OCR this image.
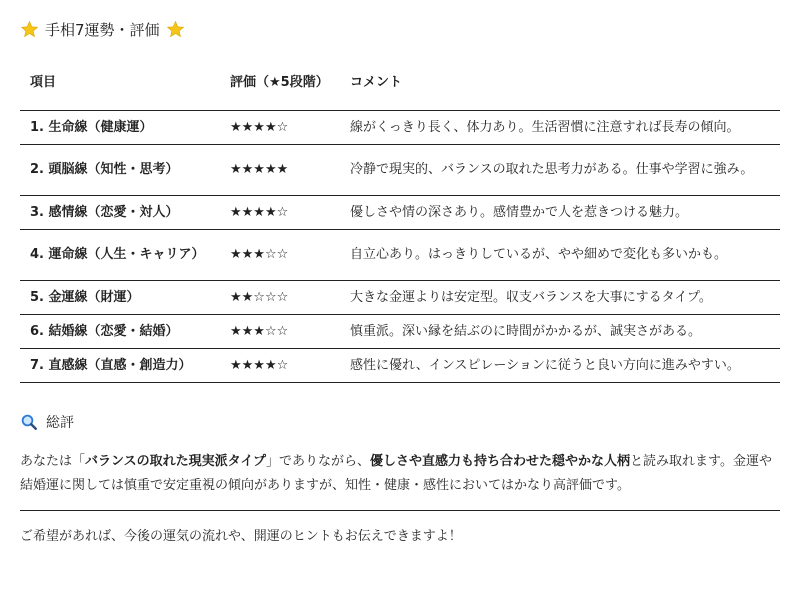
手相7運勢・評価
項目	評価（★5段階）	コメント
1. 生命線（健康運）	★★★★☆	線がくっきり長く、体力あり。生活習慣に注意すれば長寿の傾向。
2. 頭脳線（知性・思考）	★★★★★	冷静で現実的、バランスの取れた思考力がある。仕事や学習に強み。
3. 感情線（恋愛・対人）	★★★★☆	優しさや情の深さあり。感情豊かで人を惹きつける魅力。
4. 運命線（人生・キャリア）	★★★☆☆	自立心あり。はっきりしているが、やや細めで変化も多いかも。
5. 金運線（財運）	★★☆☆☆	大きな金運よりは安定型。収支バランスを大事にするタイプ。
6. 結婚線（恋愛・結婚）	★★★☆☆	慎重派。深い縁を結ぶのに時間がかかるが、誠実さがある。
7. 直感線（直感・創造力）	★★★★☆	感性に優れ、インスピレーションに従うと良い方向に進みやすい。
総評
あなたは「バランスの取れた現実派タイプ」でありながら、優しさや直感力も持ち合わせた穏やかな人柄と読み取れます。金運や結婚運に関しては慎重で安定重視の傾向がありますが、知性・健康・感性においてはかなり高評価です。
ご希望があれば、今後の運気の流れや、開運のヒントもお伝えできますよ！
